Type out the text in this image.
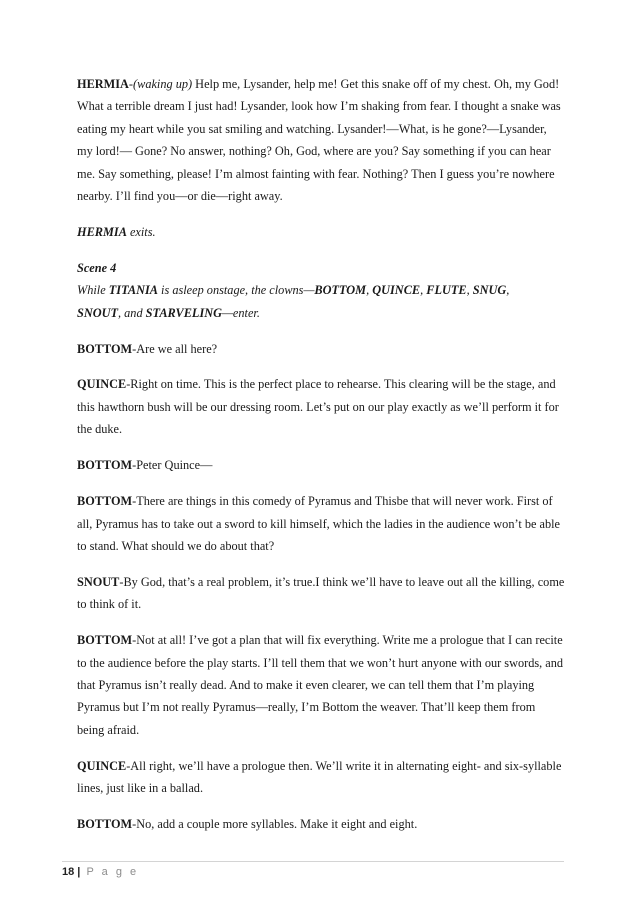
HERMIA-(waking up) Help me, Lysander, help me! Get this snake off of my chest. Oh, my God! What a terrible dream I just had! Lysander, look how I’m shaking from fear. I thought a snake was eating my heart while you sat smiling and watching. Lysander!—What, is he gone?—Lysander, my lord!— Gone? No answer, nothing? Oh, God, where are you? Say something if you can hear me. Say something, please! I’m almost fainting with fear. Nothing? Then I guess you’re nowhere nearby. I’ll find you—or die—right away.

HERMIA exits.

Scene 4
While TITANIA is asleep onstage, the clowns—BOTTOM, QUINCE, FLUTE, SNUG,
SNOUT, and STARVELING—enter.

BOTTOM-Are we all here?

QUINCE-Right on time. This is the perfect place to rehearse. This clearing will be the stage, and this hawthorn bush will be our dressing room. Let’s put on our play exactly as we’ll perform it for the duke.

BOTTOM-Peter Quince—

BOTTOM-There are things in this comedy of Pyramus and Thisbe that will never work. First of all, Pyramus has to take out a sword to kill himself, which the ladies in the audience won’t be able to stand. What should we do about that?

SNOUT-By God, that’s a real problem, it’s true.I think we’ll have to leave out all the killing, come to think of it.

BOTTOM-Not at all! I’ve got a plan that will fix everything. Write me a prologue that I can recite to the audience before the play starts. I’ll tell them that we won’t hurt anyone with our swords, and that Pyramus isn’t really dead. And to make it even clearer, we can tell them that I’m playing Pyramus but I’m not really Pyramus—really, I’m Bottom the weaver. That’ll keep them from being afraid.

QUINCE-All right, we’ll have a prologue then. We’ll write it in alternating eight- and six-syllable lines, just like in a ballad.

BOTTOM-No, add a couple more syllables. Make it eight and eight.

18 | P a g e
